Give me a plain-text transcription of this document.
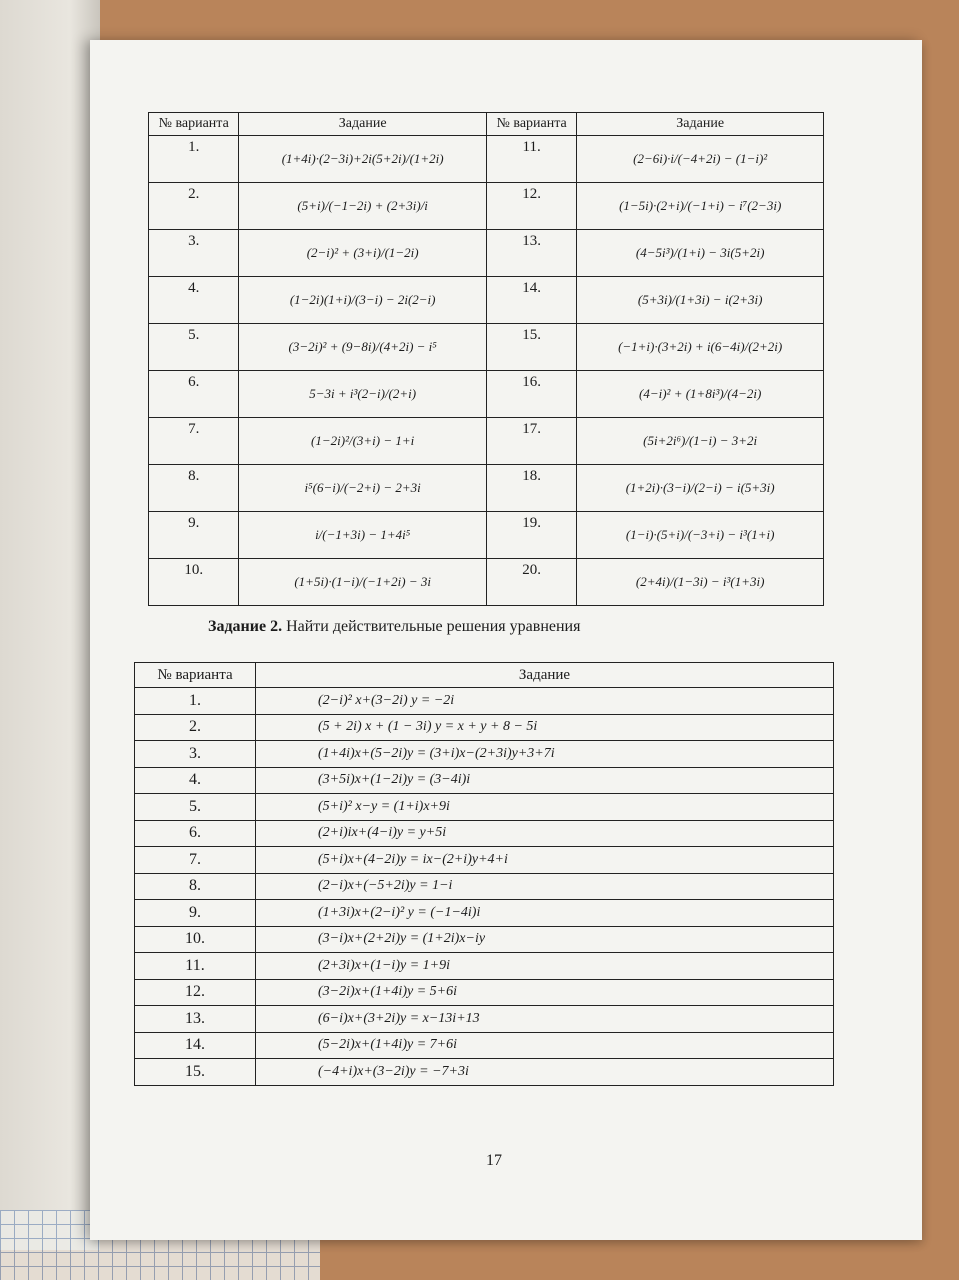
№ варианта	Задание	№ варианта	Задание
1.	(1+4i)·(2−3i)+2i(5+2i)/(1+2i)	11.	(2−6i)·i/(−4+2i) − (1−i)²
2.	(5+i)/(−1−2i) + (2+3i)/i	12.	(1−5i)·(2+i)/(−1+i) − i⁷(2−3i)
3.	(2−i)² + (3+i)/(1−2i)	13.	(4−5i³)/(1+i) − 3i(5+2i)
4.	(1−2i)(1+i)/(3−i) − 2i(2−i)	14.	(5+3i)/(1+3i) − i(2+3i)
5.	(3−2i)² + (9−8i)/(4+2i) − i⁵	15.	(−1+i)·(3+2i) + i(6−4i)/(2+2i)
6.	5−3i + i³(2−i)/(2+i)	16.	(4−i)² + (1+8i³)/(4−2i)
7.	(1−2i)²/(3+i) − 1+i	17.	(5i+2i⁶)/(1−i) − 3+2i
8.	i⁵(6−i)/(−2+i) − 2+3i	18.	(1+2i)·(3−i)/(2−i) − i(5+3i)
9.	i/(−1+3i) − 1+4i⁵	19.	(1−i)·(5+i)/(−3+i) − i³(1+i)
10.	(1+5i)·(1−i)/(−1+2i) − 3i	20.	(2+4i)/(1−3i) − i³(1+3i)
Задание 2. Найти действительные решения уравнения
№ варианта	Задание
1.	(2−i)² x+(3−2i) y = −2i
2.	(5 + 2i) x + (1 − 3i) y = x + y + 8 − 5i
3.	(1+4i)x+(5−2i)y = (3+i)x−(2+3i)y+3+7i
4.	(3+5i)x+(1−2i)y = (3−4i)i
5.	(5+i)² x−y = (1+i)x+9i
6.	(2+i)ix+(4−i)y = y+5i
7.	(5+i)x+(4−2i)y = ix−(2+i)y+4+i
8.	(2−i)x+(−5+2i)y = 1−i
9.	(1+3i)x+(2−i)² y = (−1−4i)i
10.	(3−i)x+(2+2i)y = (1+2i)x−iy
11.	(2+3i)x+(1−i)y = 1+9i
12.	(3−2i)x+(1+4i)y = 5+6i
13.	(6−i)x+(3+2i)y = x−13i+13
14.	(5−2i)x+(1+4i)y = 7+6i
15.	(−4+i)x+(3−2i)y = −7+3i
17
